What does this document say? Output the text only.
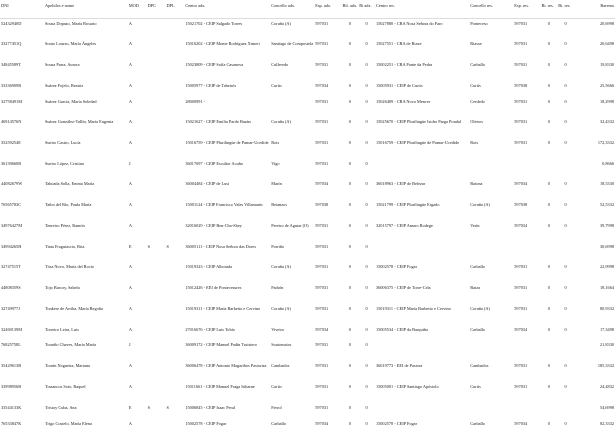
DNI	Apelidos e nome	MOD	DPC	DPL	Centro adx.	Concello adx.	Esp. adx.	Bil. adx.	Bi adx.	Centro res.	Concello res.	Esp. res.	Bi. res.	Bi. res.	Baremo
52432940D	Sousa Dopazo, María Rosario	A			15021702 - CEIP Salgado Torres	Coruña (A)	597031	0	0	15027880 - CRA Nosa Señora do Faro	Ponteceso	597031	0	0	20,6998
33277451Q	Souto Lourzo, María Ángeles	A			15016202 - CEIP Monte Rodríguez Ximeri	Santiago de Compostela	597031	0	0	15027551 - CRA de Riaxe	Riasxe	597031	0	0	20,6498
34845589T	Sousa Parra, Aurora	A			15023809 - CEIP Sofía Casanova	Culleredo	597031	0	0	15002251 - CRA Ponte da Pedra	Carballo	597031	0	0	19,8330
33336909B	Suárez Fojelo, Beatriz	A			15005977 - CEIP de Tabeirós	Curtis	597034	0	0	15005931 - CEIP de Curtis	Curtis	597038	0	0	25,5666
32758491M	Suárez García, María Soledad	A			28000991 -		597031	0	0	15026409 - CRA Novo Mencer	Cerdedo	597031	0	0	18,2998
46914576N	Suárez González-Vallín, María Eugenia	A			15021627 - CEIP Emilia Pardo Bazán	Coruña (A)	597031	0	0	15025670 - CEIP Plurilingüe Isidro Parga Pondal	Oleiros	597031	0	0	32,4332
35259254E	Sueiro Castro, Lucía	A			15016759 - CEIP Plurilingüe de Pumar-Ucedide	Rois	597031	0	0	15016759 - CEIP Plurilingüe de Pumar-Ucedide	Rois	597031	0	0	172,3332
36139660B	Sueiro López, Cristina	J			36017697 - CEIP Escultor Acuña	Vigo	597031	0	0						0,8666
44082679W	Taboada Solla, Emma María	A			36004484 - CEIP de Lusi	Marín	597034	0	0	36018963 - CEIP de Belezar	Baiona	597034	0	0	18,5330
76565783C	Taibo del Río, Paula María	A			15001124 - CEIP Francisco Vales Villamarín	Betanzos	597038	0	0	15021799 - CEIP Plurilingüe Ergado	Coruña (A)	597038	0	0	52,5332
34976427M	Tenreiro Pérez, Ramón	A			32016029 - CEIP Ben-Cho-Shey	Pereiro de Aguiar (O)	597031	0	0	32015797 - CEIP Amaro Rodege	Verín	597034	0	0	39,7998
34994265H	Tinta Fraguiascio, Rita	E	S	S	36005111 - CEIP Nosa Señora das Dores	Porriño	597031	0	0						30,6998
32747515T	Tósa Novo, María del Rocío	A			15019323 - CEIP Alborada	Coruña (A)	597031	0	0	15002578 - CEIP Fogar	Carballo	597031	0	0	22,9998
44808359S	Tojo Barcoy, Sabela	A			15012426 - EEI de Pontecesures	Padrón	597031	0	0	36006375 - CEIP de Torre-Cela	Baiza	597031	0	0	18,1664
32749977J	Tonkere de Arriba, María Begoña	A			15019311 - CEIP María Barbeito e Cervino	Coruña (A)	597031	0	0	15019311 - CEIP María Barbeito e Cervino	Coruña (A)	597031	0	0	80,9332
32469139M	Torreiro Leira, Luis	A			27016676 - CEIP Luis Tobío	Viveiro	597034	0	0	15005534 - CEIP da Barquiña	Carballo	597034	0	0	17,3498
76825758L	Touriño Chaves, María María	J			36009172 - CEIP Manuel Padín Truisiero	Soutomaior	597031	0	0						21,8330
35429613B	Tourín Nogueira, Mariana	A			36006478 - CEIP Antonio Magariños Pastoriza	Cambados	597031	0	0	36019773 - EEI de Pastora	Cambados	597031	0	0	185,3332
33998956B	Trasancos Soto, Raquel	A			15011661 - CEIP Manuel Fraga Iribarne	Curtis	597031	0	0	15005001 - CEIP Santiago Apóstolo	Curtis	597031	0	0	24,4832
33544133K	Tristoy Cuba, Ana	E	S	S	15006845 - CEIP Isaac Peral	Ferrol	597031	0	0						54,6998
76533847K	Trigo Costelo, María Elena	A			15002578 - CEIP Fogar	Carballo	597034	0	0	15002578 - CEIP Fogar	Carballo	597034	0	0	82,3332
